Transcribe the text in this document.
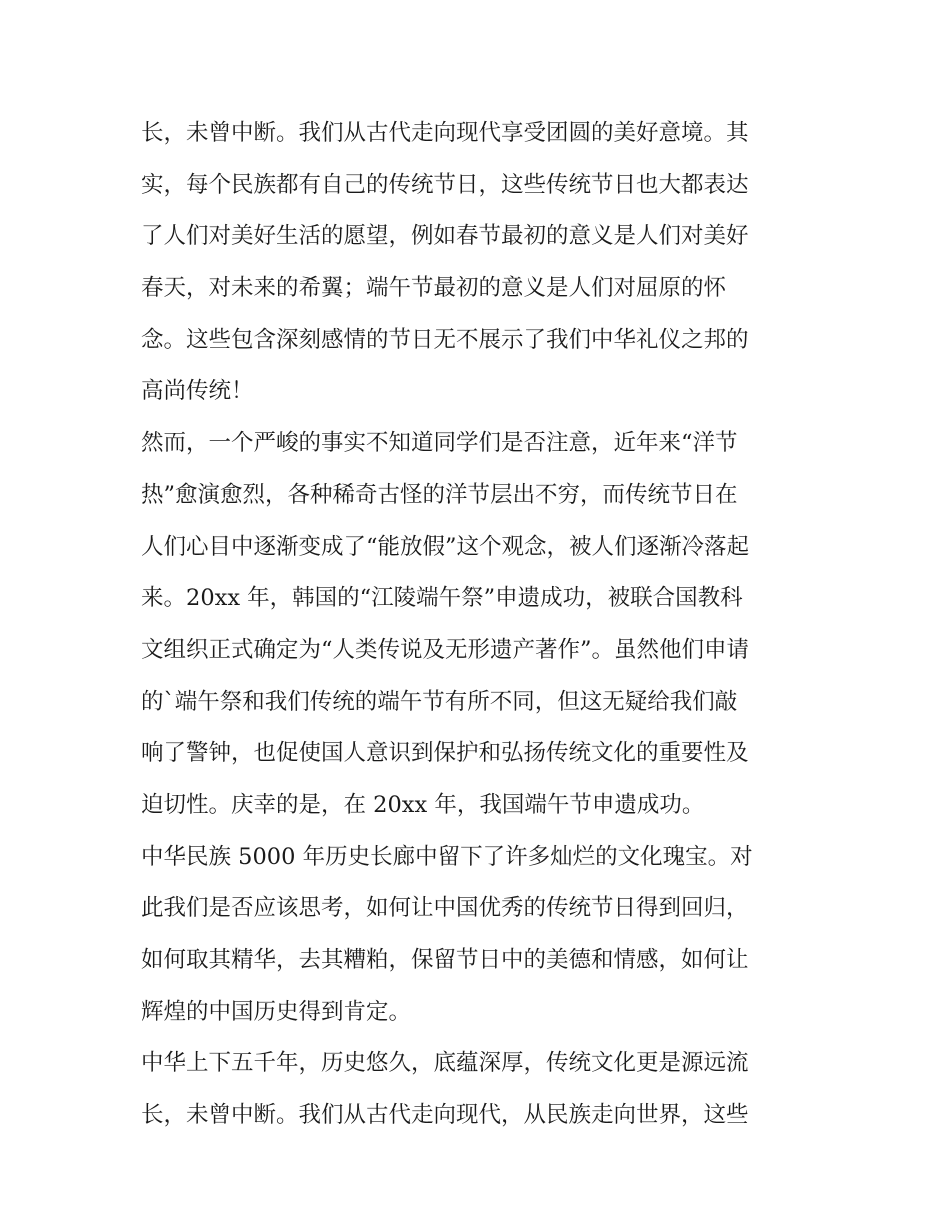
长，未曾中断。我们从古代走向现代享受团圆的美好意境。其
实，每个民族都有自己的传统节日，这些传统节日也大都表达
了人们对美好生活的愿望，例如春节最初的意义是人们对美好
春天，对未来的希翼；端午节最初的意义是人们对屈原的怀
念。这些包含深刻感情的节日无不展示了我们中华礼仪之邦的
高尚传统！
然而，一个严峻的事实不知道同学们是否注意，近年来“洋节
热”愈演愈烈，各种稀奇古怪的洋节层出不穷，而传统节日在
人们心目中逐渐变成了“能放假”这个观念，被人们逐渐冷落起
来。20xx 年，韩国的“江陵端午祭”申遗成功，被联合国教科
文组织正式确定为“人类传说及无形遗产著作”。虽然他们申请
的`端午祭和我们传统的端午节有所不同，但这无疑给我们敲
响了警钟，也促使国人意识到保护和弘扬传统文化的重要性及
迫切性。庆幸的是，在 20xx 年，我国端午节申遗成功。
中华民族 5000 年历史长廊中留下了许多灿烂的文化瑰宝。对
此我们是否应该思考，如何让中国优秀的传统节日得到回归，
如何取其精华，去其糟粕，保留节日中的美德和情感，如何让
辉煌的中国历史得到肯定。
中华上下五千年，历史悠久，底蕴深厚，传统文化更是源远流
长，未曾中断。我们从古代走向现代，从民族走向世界，这些
